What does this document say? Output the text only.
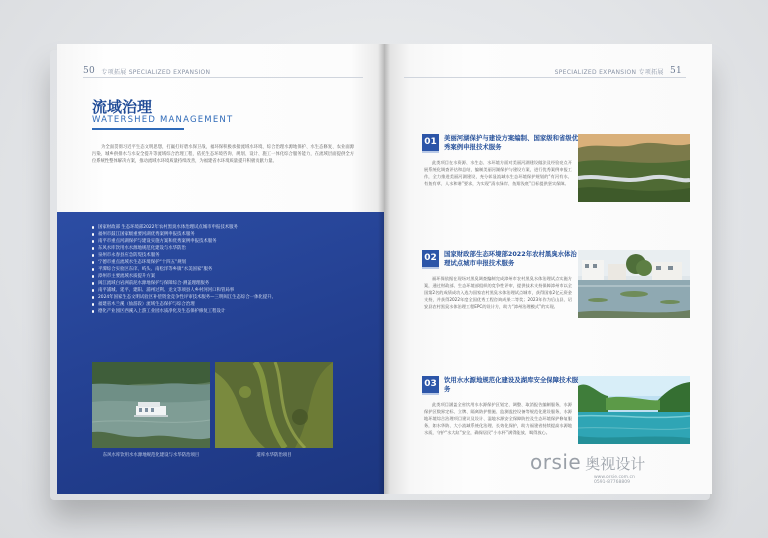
50 专项拓展 SPECIALIZED EXPANSION
流域治理
WATERSHED MANAGEMENT

为全面贯彻习近平生态文明思想，打赢打好碧水保卫战，福环保积极承接流域水环境、综合治理水源地保护、水生态修复、农业面源污染、城乡供排水与水安全提升等流域综合治理工程，依托生态环境咨询、规划、设计、施工一体化综合服务能力，在流域层面提供全方位系统性整体解决方案，推动流域水环境质量持续改善，为福建省水环境质量提升积极贡献力量。

国家财政部 生态环境部2022年农村黑臭水体治理试点城市申报技术服务
福州市鼓江国家级重要河湖优秀案例申报技术服务
南平市重点河湖保护与建设实施方案和优秀案例申报技术服务
东风水库饮用水水源地规范化建设与水华防治
泉州市永春县应急防堤技术服务
宁德市重点流域水生态环境保护“十四五”规划
平潭综合实验区东庠、屿头、南松洋等乡镇“水美国家”服务
漳州市主要流域水质提升方案
闽江流域白岩洲前泥水源地保护与保障综合·测盖理理服务
南平浦城、延平、建阳、浦州过利、龙文等项县人乡村河河口和管局事
2024年国家生态文明试验区补偿资金竞争性评审技术服务—三明闽江生态综合一体化提升、
福建省木兰溪（仙游段）流域生态保护与综合治理
德化产业园区西溪入上游工业园水质净化及生态保护修复工程设计
东风水库饮用水水源地规范化建设与水华防治项目	道库水华防治项目
SPECIALIZED EXPANSION 专项拓展 51
01	美丽河湖保护与建设方案编制、国家级和省级优秀案例申报技术服务

此类项目在水资源、水生态、水环境方面对美丽河湖建设做法及经验亮点开展系统化调查评估和总结，编制美丽河湖保护与建设方案，进行优秀案例申报工作，全力推进美丽河湖建设，充分彰显流域水生态环境保护规划的“有河有水、有鱼有草、人水和谐”要求，为实现“清水绿岸、鱼翔浅底”目标提供坚实保障。

02	国家财政部生态环境部2022年农村黑臭水体治理试点城市申报技术服务

福环保依据在现场对黑臭调查编制完成漳州市农村黑臭水体治理试点实施方案，通过财政部、生态环境部组织的竞争性评审，提供技术支持保障漳州市以全国第2名的成绩成功入选为国家农村黑臭水体治理试点城市，获得国家2亿元资金支持，并获得2022年度全国优秀工程咨询成果二等奖；2023年作为后山县、诏安县农村黑臭水体治理工程EPC的设计方，助力“漳州治理模式”的实现。

03	饮用水水源地规范化建设及湖库安全保障技术服务

此类项目涵盖全省饮用水水源保护区划定、调整、取消报告编制服务，水源保护区数界定标、立牌、隔离防护措施、监测监控设备等规范化建设服务，水源地环境综合治理项目建议及设计、湿地水源安全保障防控及生态环境保护修复服务，如水华防、大小流域系统化治理、长效化保护，助力福建省持续提高水源地水质，守护“水大缸”安全，确保居民“小水杯”满得能放、喝得放心。

orsie 奥视设计
www.orsie.com.cn
0591-87768809
